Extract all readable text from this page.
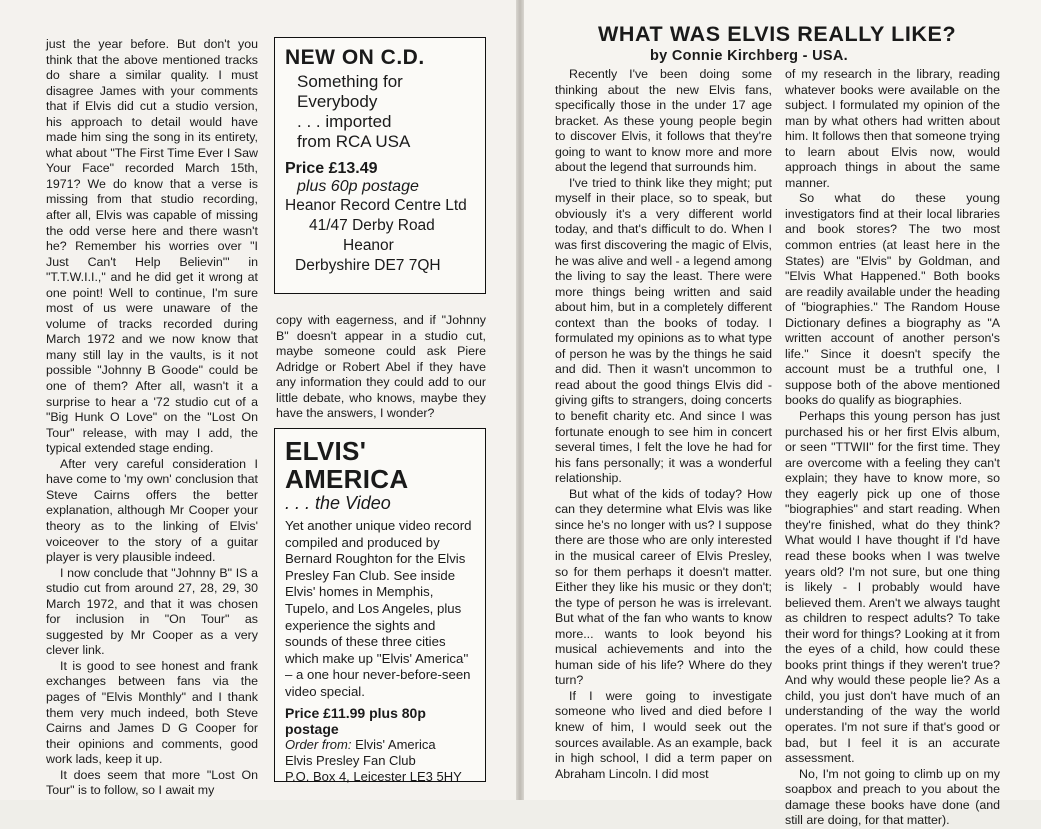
just the year before. But don't you think that the above mentioned tracks do share a similar quality. I must disagree James with your comments that if Elvis did cut a studio version, his approach to detail would have made him sing the song in its entirety, what about "The First Time Ever I Saw Your Face" recorded March 15th, 1971? We do know that a verse is missing from that studio recording, after all, Elvis was capable of missing the odd verse here and there wasn't he? Remember his worries over "I Just Can't Help Believin'" in "T.T.W.I.I.," and he did get it wrong at one point! Well to continue, I'm sure most of us were unaware of the volume of tracks recorded during March 1972 and we now know that many still lay in the vaults, is it not possible "Johnny B Goode" could be one of them? After all, wasn't it a surprise to hear a '72 studio cut of a "Big Hunk O Love" on the "Lost On Tour" release, with may I add, the typical extended stage ending.

After very careful consideration I have come to 'my own' conclusion that Steve Cairns offers the better explanation, although Mr Cooper your theory as to the linking of Elvis' voiceover to the story of a guitar player is very plausible indeed.

I now conclude that "Johnny B" IS a studio cut from around 27, 28, 29, 30 March 1972, and that it was chosen for inclusion in "On Tour" as suggested by Mr Cooper as a very clever link.

It is good to see honest and frank exchanges between fans via the pages of "Elvis Monthly" and I thank them very much indeed, both Steve Cairns and James D G Cooper for their opinions and comments, good work lads, keep it up.

It does seem that more "Lost On Tour" is to follow, so I await my

NEW ON C.D.
Something for
Everybody
. . . imported
from RCA USA
Price £13.49
plus 60p postage
Heanor Record Centre Ltd
41/47 Derby Road
Heanor
Derbyshire DE7 7QH

copy with eagerness, and if "Johnny B" doesn't appear in a studio cut, maybe someone could ask Piere Adridge or Robert Abel if they have any information they could add to our little debate, who knows, maybe they have the answers, I wonder?

ELVIS' AMERICA
. . . the Video
Yet another unique video record compiled and produced by Bernard Roughton for the Elvis Presley Fan Club. See inside Elvis' homes in Memphis, Tupelo, and Los Angeles, plus experience the sights and sounds of these three cities which make up ''Elvis' America'' – a one hour never-before-seen video special.
Price £11.99 plus 80p postage
Order from: Elvis' America
Elvis Presley Fan Club
P.O. Box 4, Leicester LE3 5HY
WHAT WAS ELVIS REALLY LIKE?
by Connie Kirchberg - USA.

Recently I've been doing some thinking about the new Elvis fans, specifically those in the under 17 age bracket. As these young people begin to discover Elvis, it follows that they're going to want to know more and more about the legend that surrounds him.

I've tried to think like they might; put myself in their place, so to speak, but obviously it's a very different world today, and that's difficult to do. When I was first discovering the magic of Elvis, he was alive and well - a legend among the living to say the least. There were more things being written and said about him, but in a completely different context than the books of today. I formulated my opinions as to what type of person he was by the things he said and did. Then it wasn't uncommon to read about the good things Elvis did - giving gifts to strangers, doing concerts to benefit charity etc. And since I was fortunate enough to see him in concert several times, I felt the love he had for his fans personally; it was a wonderful relationship.

But what of the kids of today? How can they determine what Elvis was like since he's no longer with us? I suppose there are those who are only interested in the musical career of Elvis Presley, so for them perhaps it doesn't matter. Either they like his music or they don't; the type of person he was is irrelevant. But what of the fan who wants to know more... wants to look beyond his musical achievements and into the human side of his life? Where do they turn?

If I were going to investigate someone who lived and died before I knew of him, I would seek out the sources available. As an example, back in high school, I did a term paper on Abraham Lincoln. I did most

of my research in the library, reading whatever books were available on the subject. I formulated my opinion of the man by what others had written about him. It follows then that someone trying to learn about Elvis now, would approach things in about the same manner.

So what do these young investigators find at their local libraries and book stores? The two most common entries (at least here in the States) are "Elvis" by Goldman, and "Elvis What Happened." Both books are readily available under the heading of "biographies." The Random House Dictionary defines a biography as "A written account of another person's life." Since it doesn't specify the account must be a truthful one, I suppose both of the above mentioned books do qualify as biographies.

Perhaps this young person has just purchased his or her first Elvis album, or seen "TTWII" for the first time. They are overcome with a feeling they can't explain; they have to know more, so they eagerly pick up one of those "biographies" and start reading. When they're finished, what do they think? What would I have thought if I'd have read these books when I was twelve years old? I'm not sure, but one thing is likely - I probably would have believed them. Aren't we always taught as children to respect adults? To take their word for things? Looking at it from the eyes of a child, how could these books print things if they weren't true? And why would these people lie? As a child, you just don't have much of an understanding of the way the world operates. I'm not sure if that's good or bad, but I feel it is an accurate assessment.

No, I'm not going to climb up on my soapbox and preach to you about the damage these books have done (and still are doing, for that matter).
